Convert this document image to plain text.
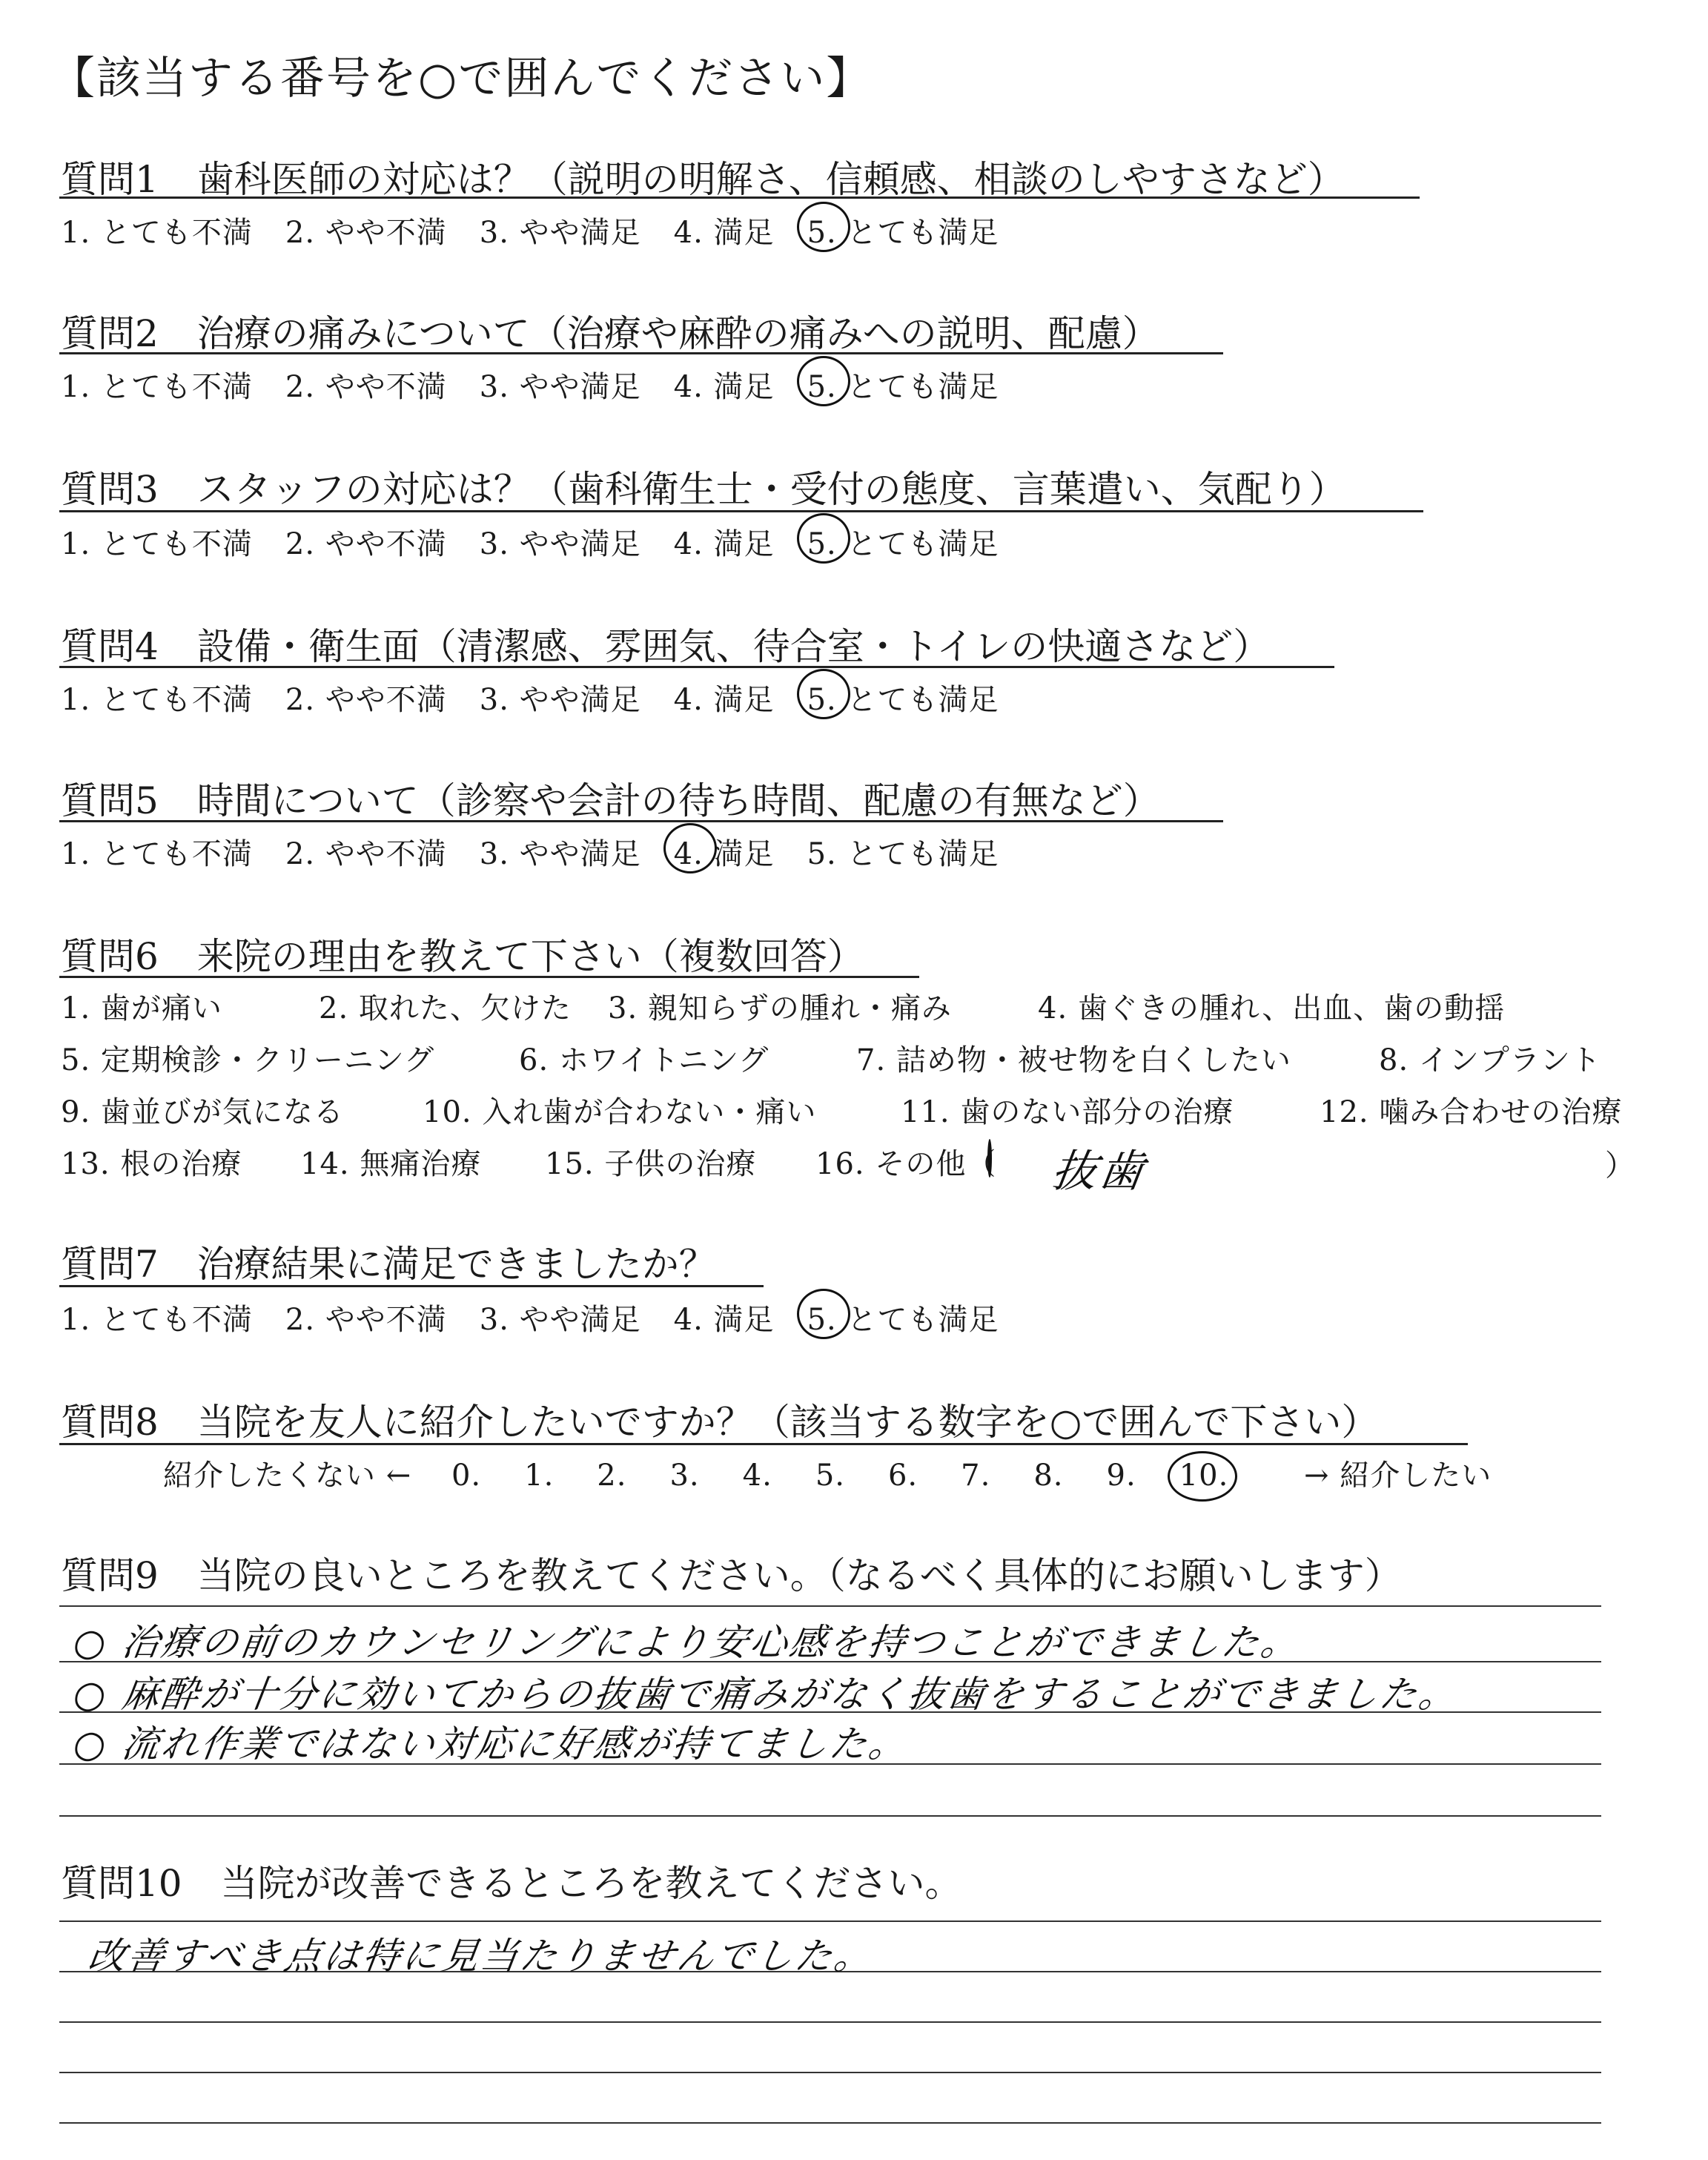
【該当する番号を○で囲んでください】
質問1 歯科医師の対応は？（説明の明解さ、信頼感、相談のしやすさなど）
1. とても不満 2. やや不満 3. やや満足 4. 満足 5. とても満足
質問2 治療の痛みについて（治療や麻酔の痛みへの説明、配慮）
1. とても不満 2. やや不満 3. やや満足 4. 満足 5. とても満足
質問3 スタッフの対応は？（歯科衛生士・受付の態度、言葉遣い、気配り）
1. とても不満 2. やや不満 3. やや満足 4. 満足 5. とても満足
質問4 設備・衛生面（清潔感、雰囲気、待合室・トイレの快適さなど）
1. とても不満 2. やや不満 3. やや満足 4. 満足 5. とても満足
質問5 時間について（診察や会計の待ち時間、配慮の有無など）
1. とても不満 2. やや不満 3. やや満足 4. 満足 5. とても満足
質問6 来院の理由を教えて下さい（複数回答）
1. 歯が痛い	2. 取れた、欠けた 3. 親知らずの腫れ・痛み	4. 歯ぐきの腫れ、出血、歯の動揺
5. 定期検診・クリーニング	6. ホワイトニング	7. 詰め物・被せ物を白くしたい	8. インプラント
9. 歯並びが気になる	10. 入れ歯が合わない・痛い	11. 歯のない部分の治療	12. 噛み合わせの治療
13. 根の治療 14. 無痛治療 15. 子供の治療 16. その他（ 抜歯	）
質問7 治療結果に満足できましたか？
1. とても不満 2. やや不満 3. やや満足 4. 満足 5. とても満足
質問8 当院を友人に紹介したいですか？（該当する数字を○で囲んで下さい）
紹介したくない ← 0. 1. 2. 3. 4. 5. 6. 7. 8. 9. 10.	→ 紹介したい
質問9 当院の良いところを教えてください。（なるべく具体的にお願いします）
○ 治療の前のカウンセリングにより安心感を持つことができました。
○ 麻酔が十分に効いてからの抜歯で痛みがなく抜歯をすることができました。
○ 流れ作業ではない対応に好感が持てました。
質問10 当院が改善できるところを教えてください。
改善すべき点は特に見当たりませんでした。
